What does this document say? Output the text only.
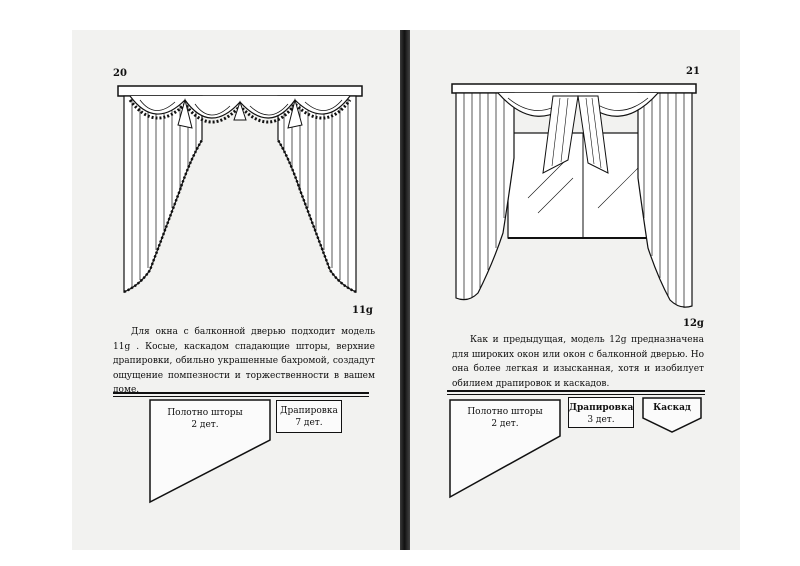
20
11g

Для окна с балконной дверью подходит модель 11g . Косые, каскадом спадающие шторы, верхние драпировки, обильно украшенные бахромой, создадут ощущение помпезности и торжественности в вашем доме.

Полотно шторы
2 дет.
Драпировка
7 дет.
21
12g

Как и предыдущая, модель 12g предназначена для широких окон или окон с балконной дверью. Но она более легкая и изысканная, хотя и изобилует обилием драпировок и каскадов.

Полотно шторы
2 дет.
Драпировка
3 дет.
Каскад
